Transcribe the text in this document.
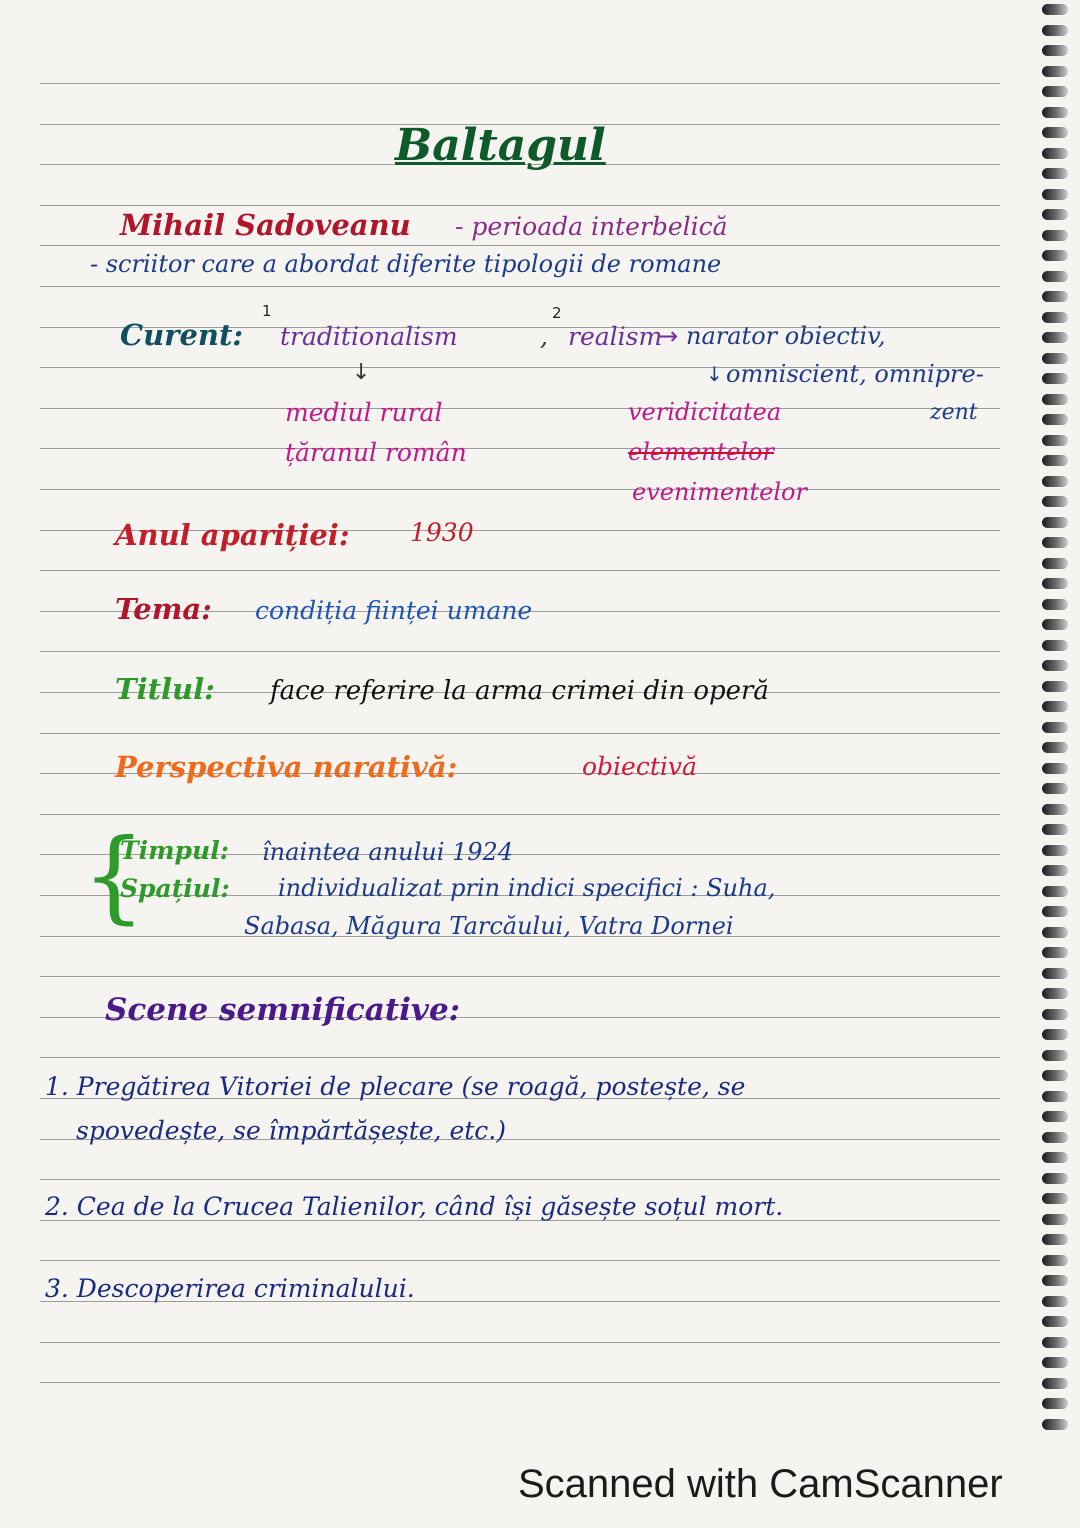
Baltagul
Mihail Sadoveanu - perioada interbelică
- scriitor care a abordat diferite tipologii de romane
Curent:
1	2
traditionalism	, realism
→ narator obiectiv,
↓	↓ omniscient, omnipre-
zent
mediul rural
țăranul român
veridicitatea
elementelor
evenimentelor
Anul apariției: 1930
Tema: condiția ființei umane
Titlul: face referire la arma crimei din operă
Perspectiva narativă:	obiectivă
{
Timpul: înaintea anului 1924
Spațiul: individualizat prin indici specifici : Suha,
Sabasa, Măgura Tarcăului, Vatra Dornei
Scene semnificative:
1. Pregătirea Vitoriei de plecare (se roagă, postește, se
spovedește, se împărtășește, etc.)
2. Cea de la Crucea Talienilor, când își găsește soțul mort.
3. Descoperirea criminalului.
Scanned with CamScanner
